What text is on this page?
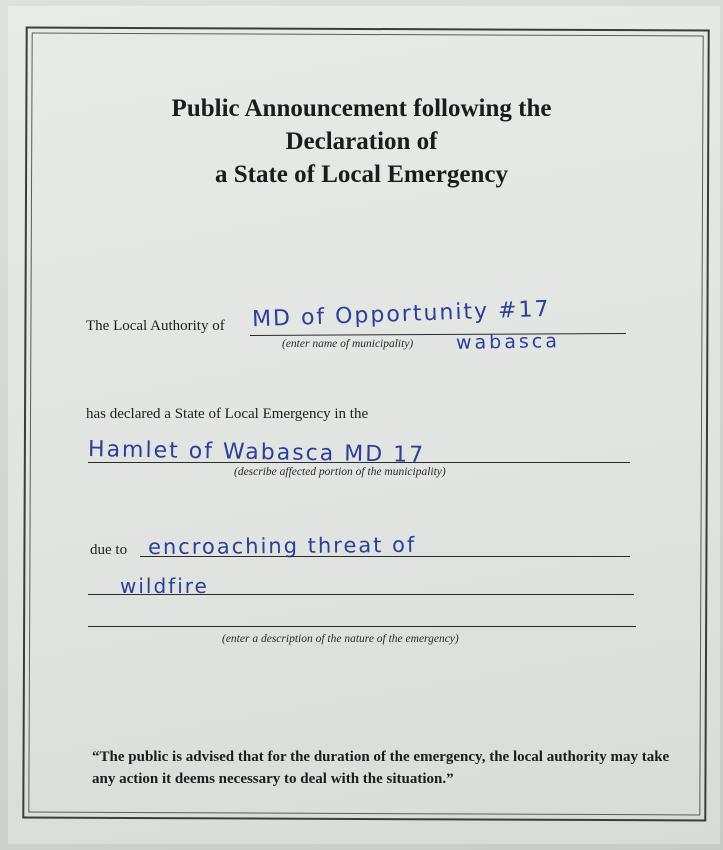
Public Announcement following the
Declaration of
a State of Local Emergency
The Local Authority of MD of Opportunity #17
(enter name of municipality) wabasca
has declared a State of Local Emergency in the
Hamlet of Wabasca MD 17
(describe affected portion of the municipality)
due to encroaching threat of
wildfire
(enter a description of the nature of the emergency)
“The public is advised that for the duration of the emergency, the local authority may take any action it deems necessary to deal with the situation.”
